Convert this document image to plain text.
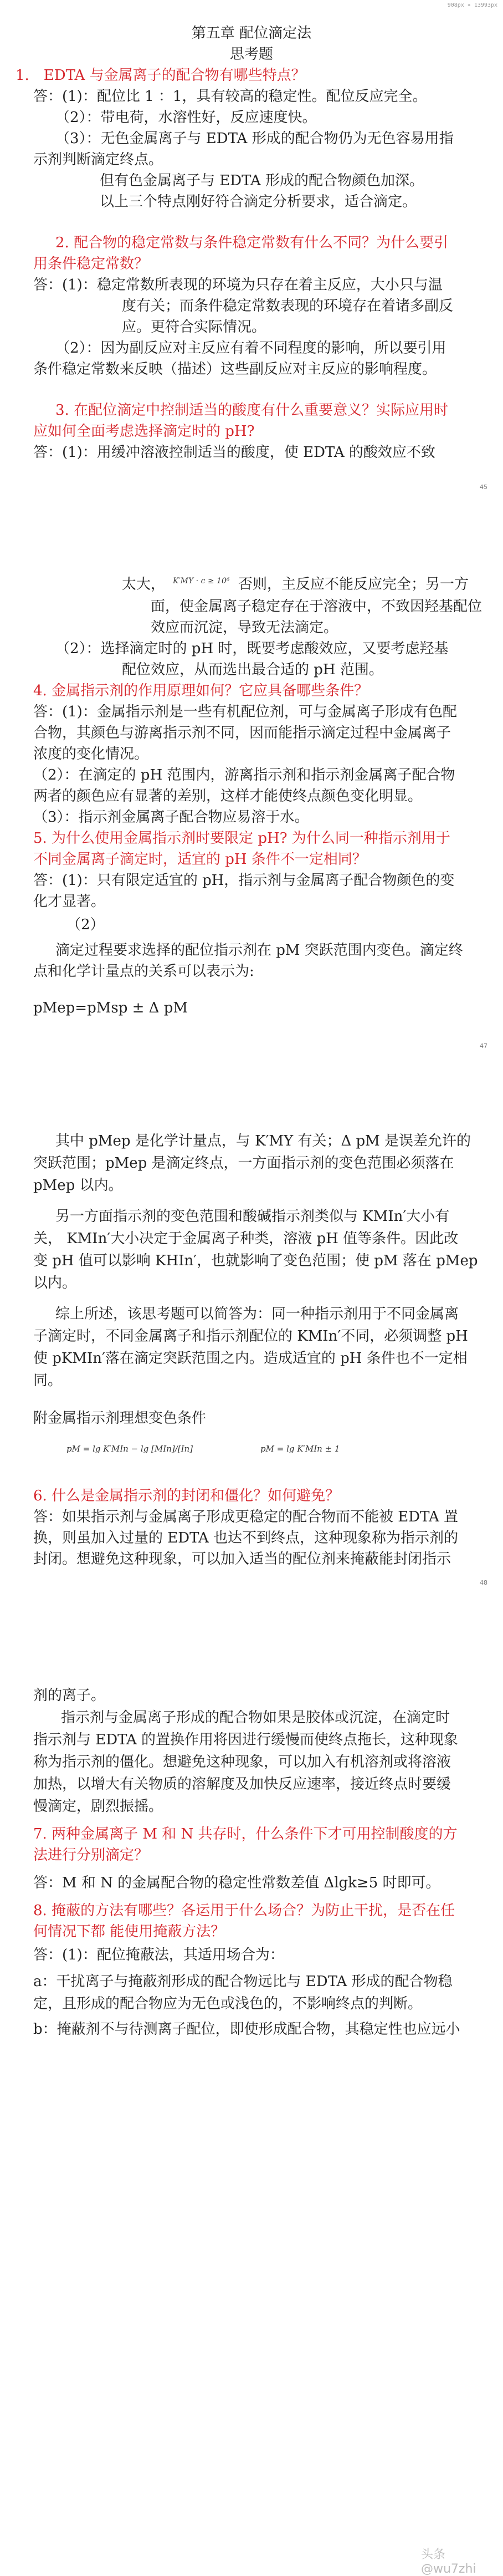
908px × 13993px
第五章 配位滴定法
思考题
1.　EDTA 与金属离子的配合物有哪些特点？
答：(1)：配位比 1 ：1，具有较高的稳定性。配位反应完全。
（2）：带电荷，水溶性好，反应速度快。
（3）：无色金属离子与 EDTA 形成的配合物仍为无色容易用指
示剂判断滴定终点。
但有色金属离子与 EDTA 形成的配合物颜色加深。
以上三个特点刚好符合滴定分析要求，适合滴定。
2. 配合物的稳定常数与条件稳定常数有什么不同？为什么要引
用条件稳定常数？
答：(1)：稳定常数所表现的环境为只存在着主反应，大小只与温
度有关；而条件稳定常数表现的环境存在着诸多副反
应。更符合实际情况。
（2）：因为副反应对主反应有着不同程度的影响，所以要引用
条件稳定常数来反映（描述）这些副反应对主反应的影响程度。
3. 在配位滴定中控制适当的酸度有什么重要意义？实际应用时
应如何全面考虑选择滴定时的 pH?
答：(1)：用缓冲溶液控制适当的酸度，使 EDTA 的酸效应不致
45
太大， K′MY · c ≥ 10⁶ 否则，主反应不能反应完全；另一方
面，使金属离子稳定存在于溶液中，不致因羟基配位
效应而沉淀，导致无法滴定。
（2）：选择滴定时的 pH 时，既要考虑酸效应，又要考虑羟基
配位效应，从而选出最合适的 pH 范围。
4. 金属指示剂的作用原理如何？它应具备哪些条件？
答：(1)：金属指示剂是一些有机配位剂，可与金属离子形成有色配
合物，其颜色与游离指示剂不同，因而能指示滴定过程中金属离子
浓度的变化情况。
（2）：在滴定的 pH 范围内，游离指示剂和指示剂金属离子配合物
两者的颜色应有显著的差别，这样才能使终点颜色变化明显。
（3）：指示剂金属离子配合物应易溶于水。
5. 为什么使用金属指示剂时要限定 pH? 为什么同一种指示剂用于
不同金属离子滴定时，适宜的 pH 条件不一定相同？
答：(1)：只有限定适宜的 pH，指示剂与金属离子配合物颜色的变
化才显著。
（2）
滴定过程要求选择的配位指示剂在 pM 突跃范围内变色。滴定终
点和化学计量点的关系可以表示为:
pMep=pMsp ± Δ pM
47
其中 pMep 是化学计量点，与 K′MY 有关；Δ pM 是误差允许的
突跃范围；pMep 是滴定终点，一方面指示剂的变色范围必须落在
pMep 以内。
另一方面指示剂的变色范围和酸碱指示剂类似与 KMIn′大小有
关， KMIn′大小决定于金属离子种类，溶液 pH 值等条件。因此改
变 pH 值可以影响 KHIn′，也就影响了变色范围；使 pM 落在 pMep
以内。
综上所述，该思考题可以简答为：同一种指示剂用于不同金属离
子滴定时，不同金属离子和指示剂配位的 KMIn′不同，必须调整 pH
使 pKMIn′落在滴定突跃范围之内。造成适宜的 pH 条件也不一定相
同。
附金属指示剂理想变色条件
pM = lg K′MIn − lg [MIn]/[In]	pM = lg K′MIn ± 1
6. 什么是金属指示剂的封闭和僵化？如何避免？
答：如果指示剂与金属离子形成更稳定的配合物而不能被 EDTA 置
换，则虽加入过量的 EDTA 也达不到终点，这种现象称为指示剂的
封闭。想避免这种现象，可以加入适当的配位剂来掩蔽能封闭指示
48
剂的离子。
指示剂与金属离子形成的配合物如果是胶体或沉淀，在滴定时
指示剂与 EDTA 的置换作用将因进行缓慢而使终点拖长，这种现象
称为指示剂的僵化。想避免这种现象，可以加入有机溶剂或将溶液
加热，以增大有关物质的溶解度及加快反应速率，接近终点时要缓
慢滴定，剧烈振摇。
7. 两种金属离子 M 和 N 共存时，什么条件下才可用控制酸度的方
法进行分别滴定？
答：M 和 N 的金属配合物的稳定性常数差值 Δlgk≥5 时即可。
8. 掩蔽的方法有哪些？各运用于什么场合？为防止干扰，是否在任
何情况下都 能使用掩蔽方法？
答：(1)：配位掩蔽法，其适用场合为：
a：干扰离子与掩蔽剂形成的配合物远比与 EDTA 形成的配合物稳
定，且形成的配合物应为无色或浅色的，不影响终点的判断。
b：掩蔽剂不与待测离子配位，即使形成配合物，其稳定性也应远小
头条 @wu7zhi
